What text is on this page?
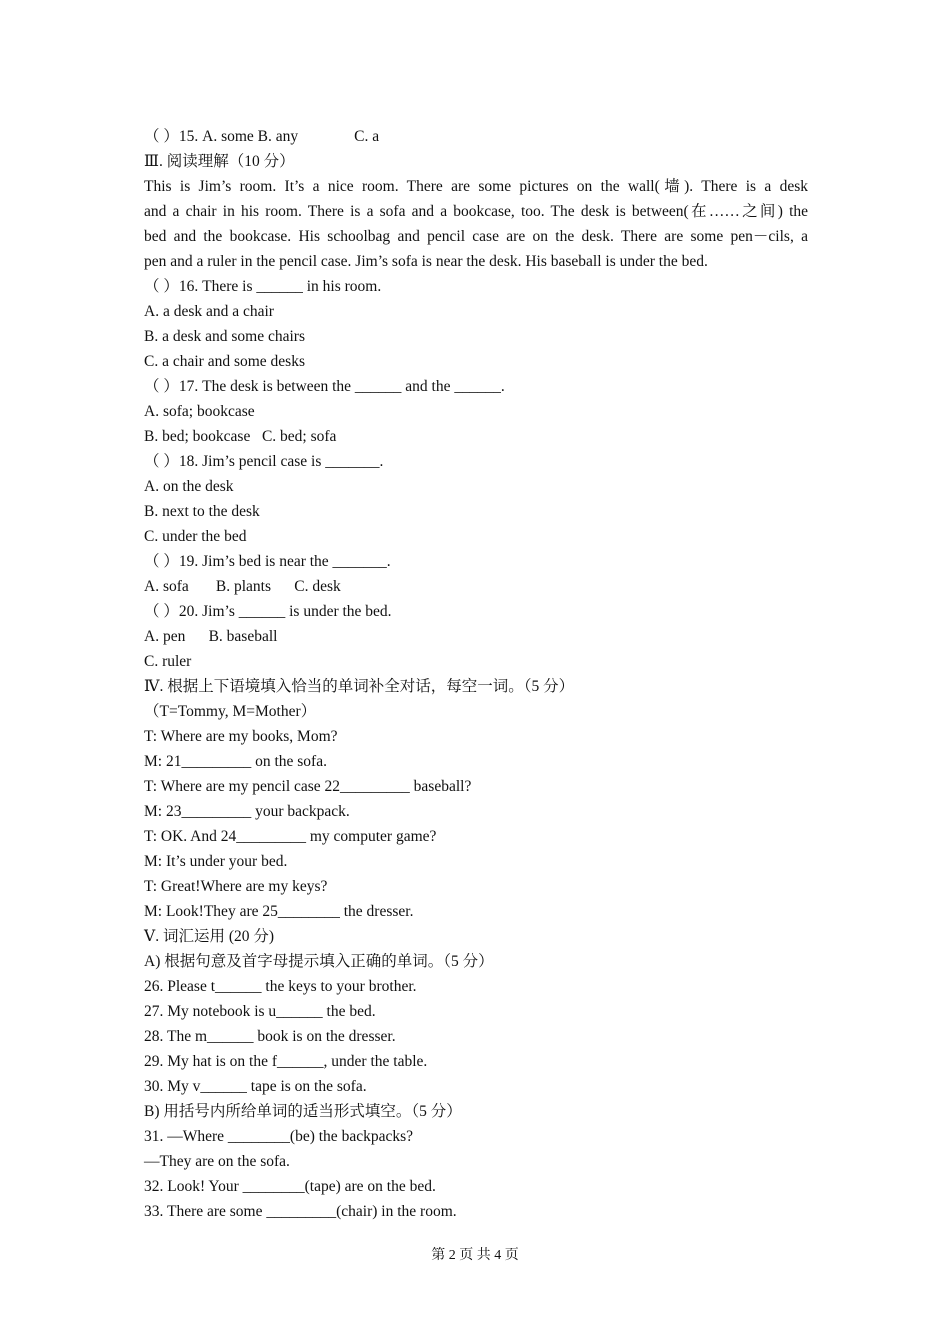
（ ）15. A. some B. any	C. a
Ⅲ. 阅读理解（10 分）
This is Jim’s room. It’s a nice room. There are some pictures on the wall(墙). There is a desk
and a chair in his room. There is a sofa and a bookcase, too. The desk is between(在……之间) the
bed and the bookcase. His schoolbag and pencil case are on the desk. There are some pen－cils, a
pen and a ruler in the pencil case. Jim’s sofa is near the desk. His baseball is under the bed.
（ ）16. There is ______ in his room.
A. a desk and a chair
B. a desk and some chairs
C. a chair and some desks
（ ）17. The desk is between the ______ and the ______.
A. sofa; bookcase
B. bed; bookcase   C. bed; sofa
（ ）18. Jim’s pencil case is _______.
A. on the desk
B. next to the desk
C. under the bed
（ ）19. Jim’s bed is near the _______.
A. sofa       B. plants      C. desk
（ ）20. Jim’s ______ is under the bed.
A. pen      B. baseball
C. ruler
Ⅳ. 根据上下语境填入恰当的单词补全对话，每空一词。（5 分）
（T=Tommy, M=Mother）
T: Where are my books, Mom?
M: 21_________ on the sofa.
T: Where are my pencil case 22_________ baseball?
M: 23_________ your backpack.
T: OK. And 24_________ my computer game?
M: It’s under your bed.
T: Great!Where are my keys?
M: Look!They are 25________ the dresser.
Ⅴ. 词汇运用 (20 分)
A) 根据句意及首字母提示填入正确的单词。（5 分）
26. Please t______ the keys to your brother.
27. My notebook is u______ the bed.
28. The m______ book is on the dresser.
29. My hat is on the f______, under the table.
30. My v______ tape is on the sofa.
B) 用括号内所给单词的适当形式填空。（5 分）
31. —Where ________(be) the backpacks?
—They are on the sofa.
32. Look! Your ________(tape) are on the bed.
33. There are some _________(chair) in the room.
第 2 页 共 4 页
